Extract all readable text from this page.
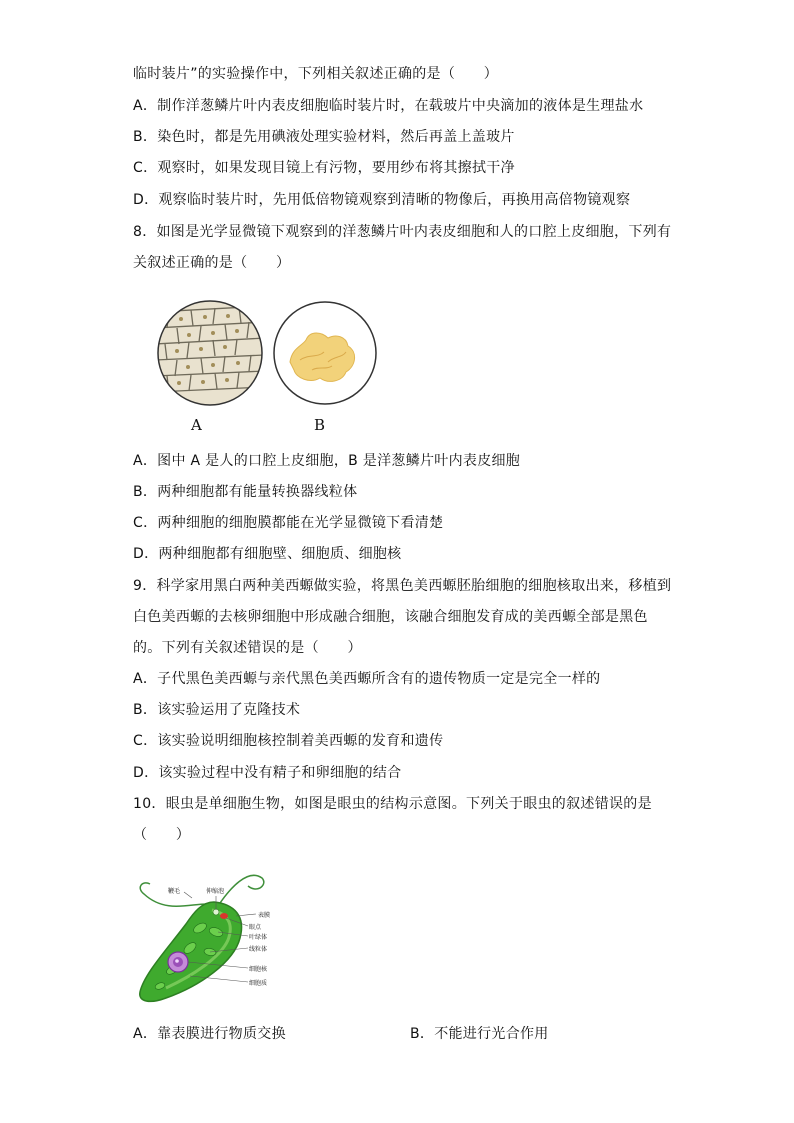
临时装片”的实验操作中，下列相关叙述正确的是（　　）
A．制作洋葱鳞片叶内表皮细胞临时装片时，在载玻片中央滴加的液体是生理盐水
B．染色时，都是先用碘液处理实验材料，然后再盖上盖玻片
C．观察时，如果发现目镜上有污物，要用纱布将其擦拭干净
D．观察临时装片时，先用低倍物镜观察到清晰的物像后，再换用高倍物镜观察
8．如图是光学显微镜下观察到的洋葱鳞片叶内表皮细胞和人的口腔上皮细胞，下列有
关叙述正确的是（　　）
A	B
A．图中 A 是人的口腔上皮细胞，B 是洋葱鳞片叶内表皮细胞
B．两种细胞都有能量转换器线粒体
C．两种细胞的细胞膜都能在光学显微镜下看清楚
D．两种细胞都有细胞壁、细胞质、细胞核
9．科学家用黑白两种美西螈做实验，将黑色美西螈胚胎细胞的细胞核取出来，移植到
白色美西螈的去核卵细胞中形成融合细胞，该融合细胞发育成的美西螈全部是黑色
的。下列有关叙述错误的是（　　）
A．子代黑色美西螈与亲代黑色美西螈所含有的遗传物质一定是完全一样的
B．该实验运用了克隆技术
C．该实验说明细胞核控制着美西螈的发育和遗传
D．该实验过程中没有精子和卵细胞的结合
10．眼虫是单细胞生物，如图是眼虫的结构示意图。下列关于眼虫的叙述错误的是
（　　）
鞭毛	伸缩泡
表膜
眼点
叶绿体
线粒体
细胞核
细胞质
A．靠表膜进行物质交换	B．不能进行光合作用
